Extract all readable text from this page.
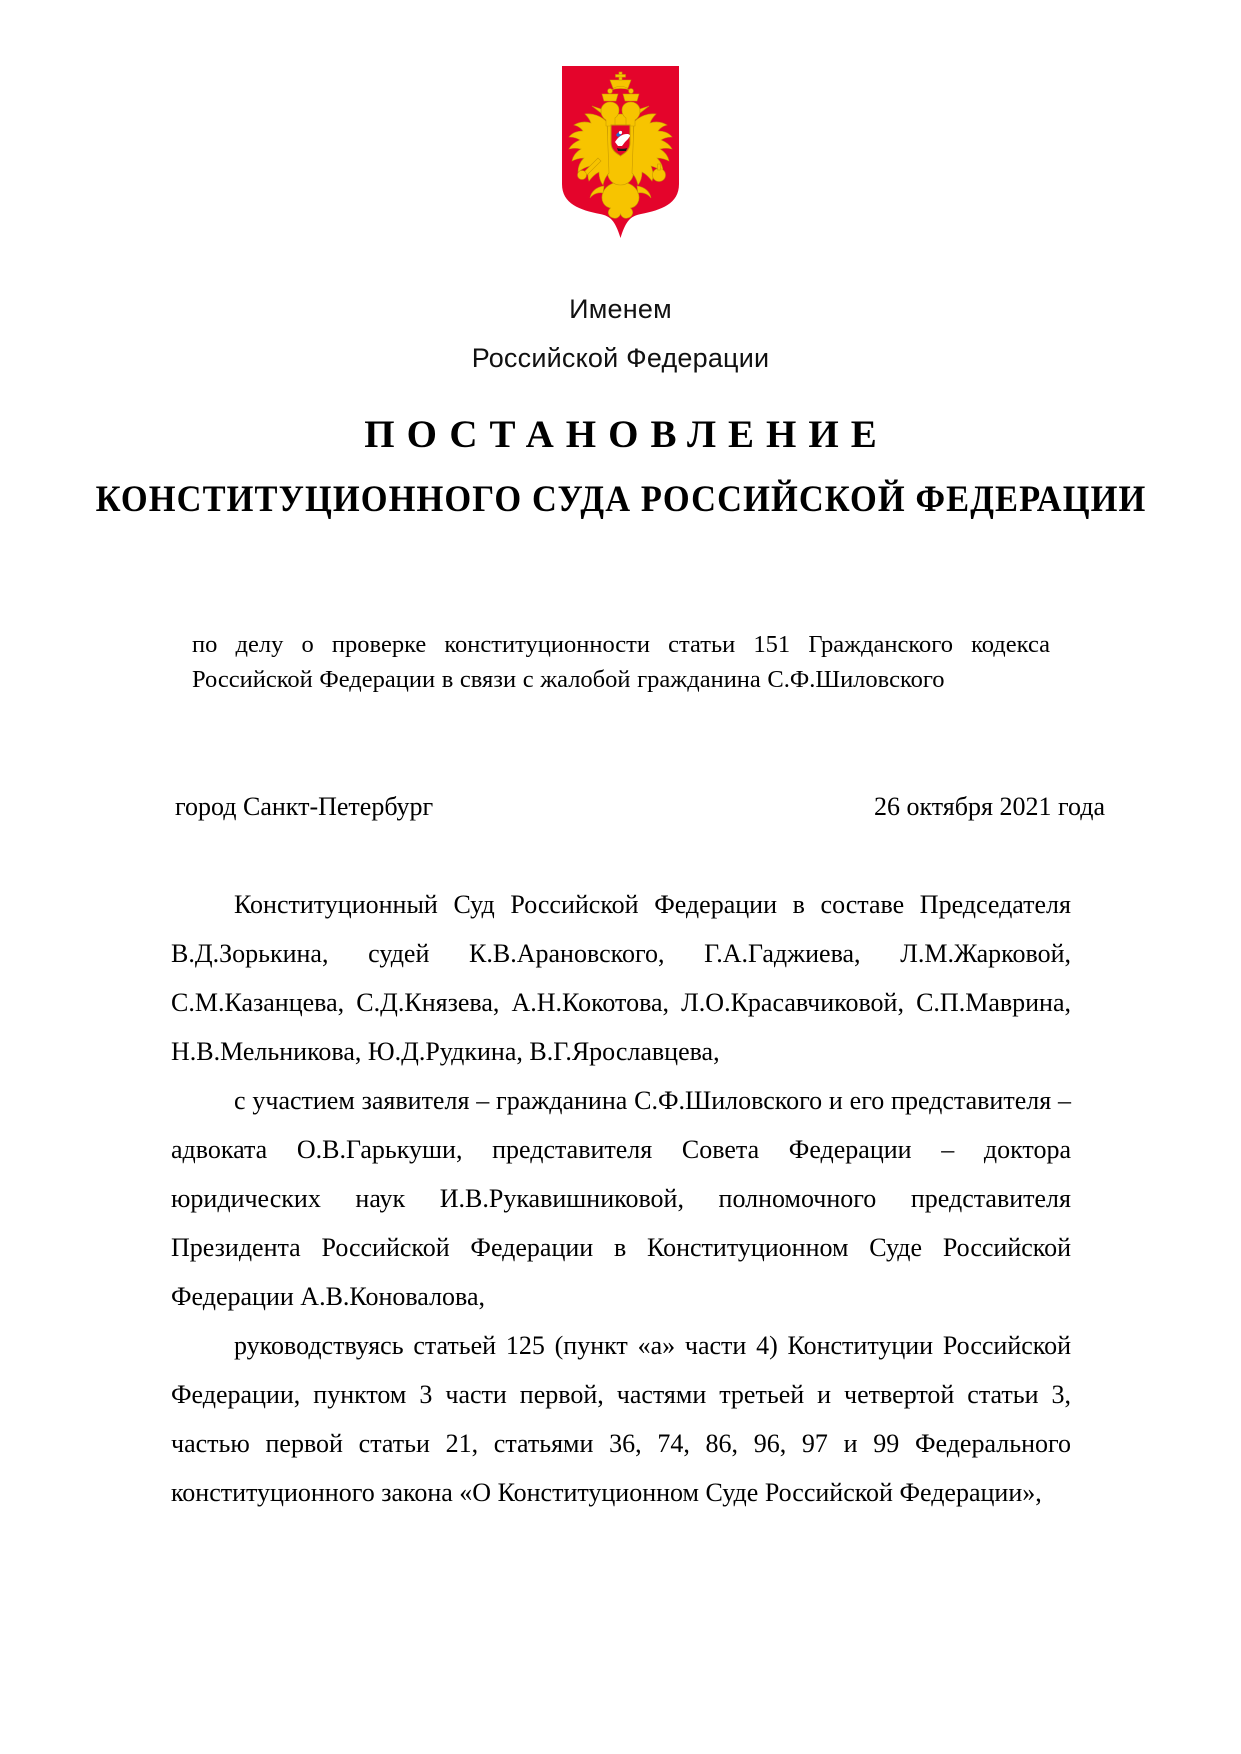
Именем
Российской Федерации
ПОСТАНОВЛЕНИЕ
КОНСТИТУЦИОННОГО СУДА РОССИЙСКОЙ ФЕДЕРАЦИИ
по делу о проверке конституционности статьи 151 Гражданского кодекса Российской Федерации в связи с жалобой гражданина С.Ф.Шиловского
город Санкт-Петербург	26 октября 2021 года

Конституционный Суд Российской Федерации в составе Председателя В.Д.Зорькина, судей К.В.Арановского, Г.А.Гаджиева, Л.М.Жарковой, С.М.Казанцева, С.Д.Князева, А.Н.Кокотова, Л.О.Красавчиковой, С.П.Маврина, Н.В.Мельникова, Ю.Д.Рудкина, В.Г.Ярославцева,

с участием заявителя – гражданина С.Ф.Шиловского и его представителя – адвоката О.В.Гарькуши, представителя Совета Федерации – доктора юридических наук И.В.Рукавишниковой, полномочного представителя Президента Российской Федерации в Конституционном Суде Российской Федерации А.В.Коновалова,

руководствуясь статьей 125 (пункт «а» части 4) Конституции Российской Федерации, пунктом 3 части первой, частями третьей и четвертой статьи 3, частью первой статьи 21, статьями 36, 74, 86, 96, 97 и 99 Федерального конституционного закона «О Конституционном Суде Российской Федерации»,
